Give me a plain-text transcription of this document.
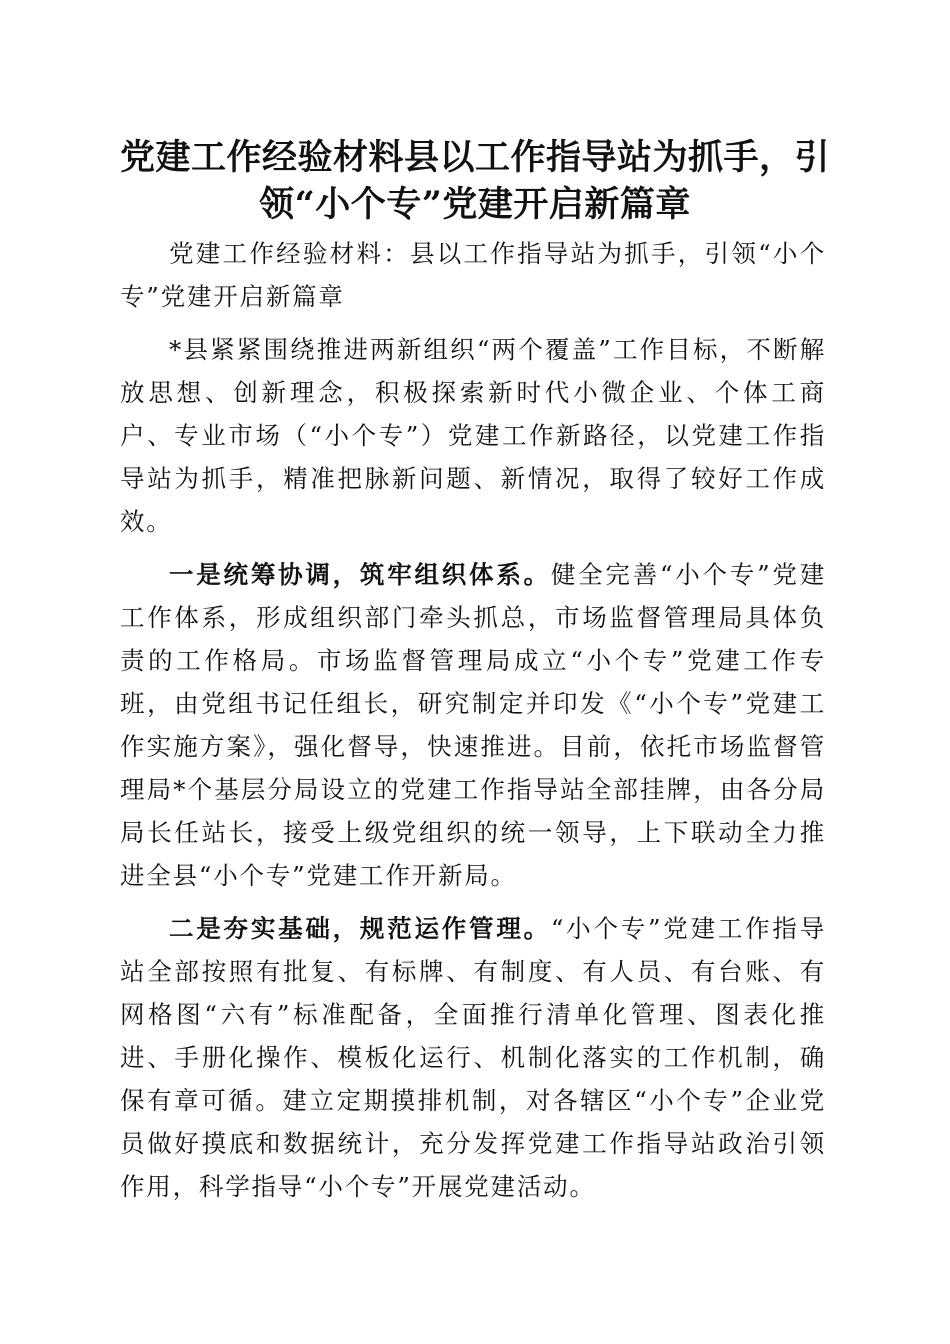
党建工作经验材料县以工作指导站为抓手，引领“小个专”党建开启新篇章

党建工作经验材料：县以工作指导站为抓手，引领“小个专”党建开启新篇章

*县紧紧围绕推进两新组织“两个覆盖”工作目标，不断解放思想、创新理念，积极探索新时代小微企业、个体工商户、专业市场（“小个专”）党建工作新路径，以党建工作指导站为抓手，精准把脉新问题、新情况，取得了较好工作成效。

一是统筹协调，筑牢组织体系。健全完善“小个专”党建工作体系，形成组织部门牵头抓总，市场监督管理局具体负责的工作格局。市场监督管理局成立“小个专”党建工作专班，由党组书记任组长，研究制定并印发《“小个专”党建工作实施方案》，强化督导，快速推进。目前，依托市场监督管理局*个基层分局设立的党建工作指导站全部挂牌，由各分局局长任站长，接受上级党组织的统一领导，上下联动全力推进全县“小个专”党建工作开新局。

二是夯实基础，规范运作管理。“小个专”党建工作指导站全部按照有批复、有标牌、有制度、有人员、有台账、有网格图“六有”标准配备，全面推行清单化管理、图表化推进、手册化操作、模板化运行、机制化落实的工作机制，确保有章可循。建立定期摸排机制，对各辖区“小个专”企业党员做好摸底和数据统计，充分发挥党建工作指导站政治引领作用，科学指导“小个专”开展党建活动。
